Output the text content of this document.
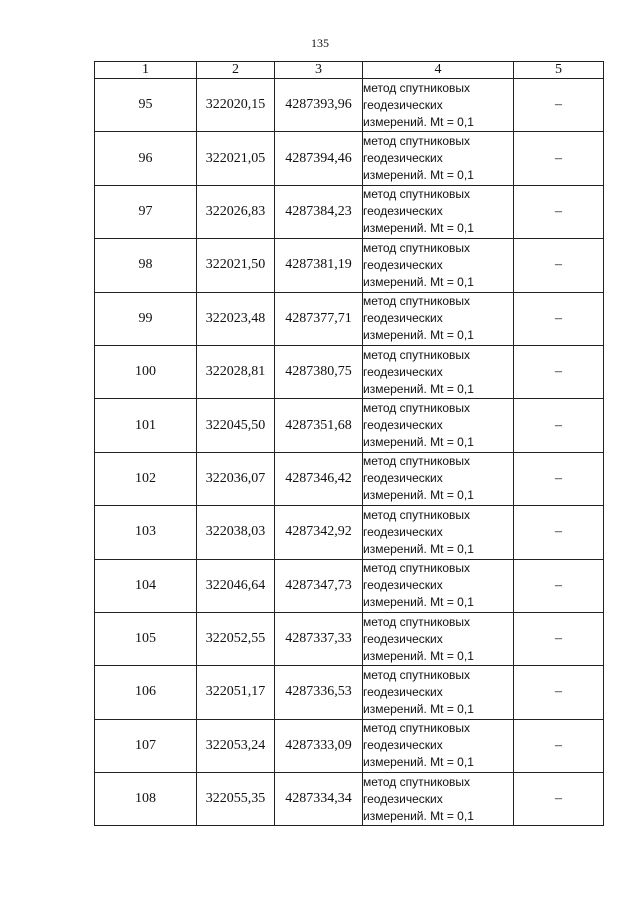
135
1	2	3	4	5
95	322020,15	4287393,96	метод спутниковых
геодезических
измерений. Mt = 0,1	–
96	322021,05	4287394,46	метод спутниковых
геодезических
измерений. Mt = 0,1	–
97	322026,83	4287384,23	метод спутниковых
геодезических
измерений. Mt = 0,1	–
98	322021,50	4287381,19	метод спутниковых
геодезических
измерений. Mt = 0,1	–
99	322023,48	4287377,71	метод спутниковых
геодезических
измерений. Mt = 0,1	–
100	322028,81	4287380,75	метод спутниковых
геодезических
измерений. Mt = 0,1	–
101	322045,50	4287351,68	метод спутниковых
геодезических
измерений. Mt = 0,1	–
102	322036,07	4287346,42	метод спутниковых
геодезических
измерений. Mt = 0,1	–
103	322038,03	4287342,92	метод спутниковых
геодезических
измерений. Mt = 0,1	–
104	322046,64	4287347,73	метод спутниковых
геодезических
измерений. Mt = 0,1	–
105	322052,55	4287337,33	метод спутниковых
геодезических
измерений. Mt = 0,1	–
106	322051,17	4287336,53	метод спутниковых
геодезических
измерений. Mt = 0,1	–
107	322053,24	4287333,09	метод спутниковых
геодезических
измерений. Mt = 0,1	–
108	322055,35	4287334,34	метод спутниковых
геодезических
измерений. Mt = 0,1	–
